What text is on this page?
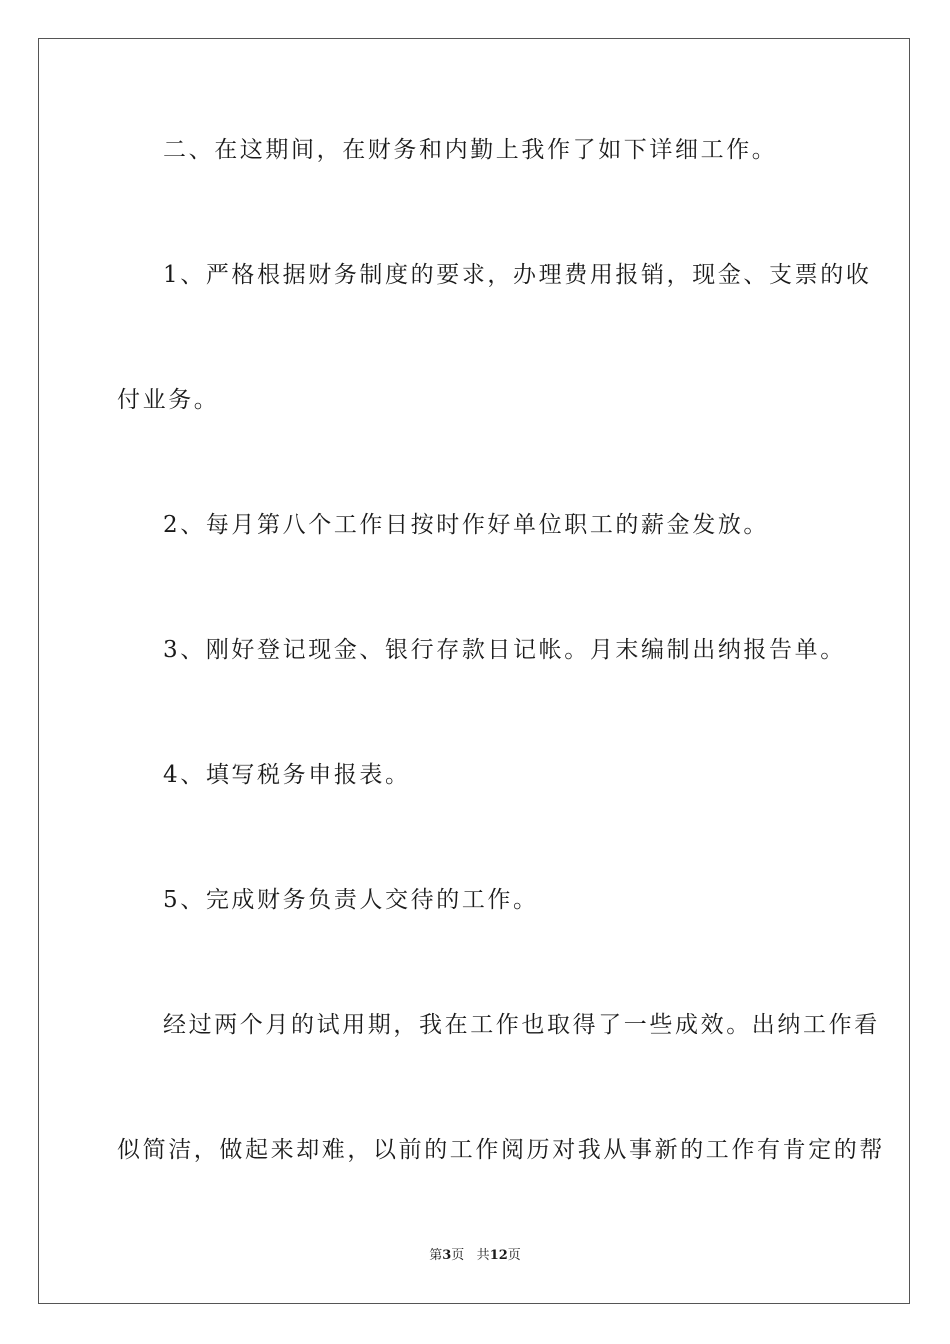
二、在这期间，在财务和内勤上我作了如下详细工作。
1、严格根据财务制度的要求，办理费用报销，现金、支票的收
付业务。
2、每月第八个工作日按时作好单位职工的薪金发放。
3、刚好登记现金、银行存款日记帐。月末编制出纳报告单。
4、填写税务申报表。
5、完成财务负责人交待的工作。
经过两个月的试用期，我在工作也取得了一些成效。出纳工作看
似简洁，做起来却难，以前的工作阅历对我从事新的工作有肯定的帮
第3页 共12页
